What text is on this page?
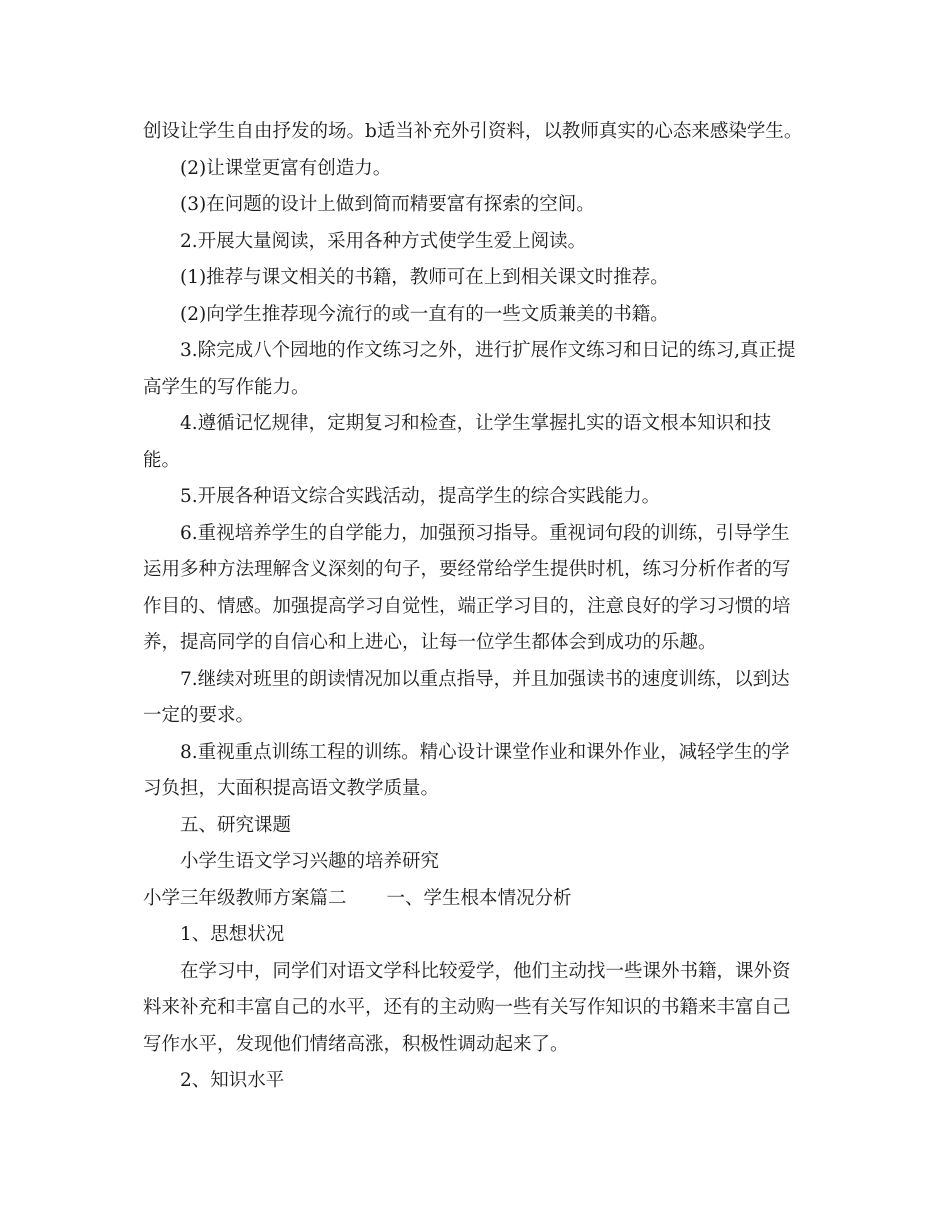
创设让学生自由抒发的场。b适当补充外引资料，以教师真实的心态来感染学生。

(2)让课堂更富有创造力。

(3)在问题的设计上做到简而精要富有探索的空间。

2.开展大量阅读，采用各种方式使学生爱上阅读。

(1)推荐与课文相关的书籍，教师可在上到相关课文时推荐。

(2)向学生推荐现今流行的或一直有的一些文质兼美的书籍。

3.除完成八个园地的作文练习之外，进行扩展作文练习和日记的练习,真正提

高学生的写作能力。

4.遵循记忆规律，定期复习和检查，让学生掌握扎实的语文根本知识和技

能。

5.开展各种语文综合实践活动，提高学生的综合实践能力。

6.重视培养学生的自学能力，加强预习指导。重视词句段的训练，引导学生

运用多种方法理解含义深刻的句子，要经常给学生提供时机，练习分析作者的写

作目的、情感。加强提高学习自觉性，端正学习目的，注意良好的学习习惯的培

养，提高同学的自信心和上进心，让每一位学生都体会到成功的乐趣。

7.继续对班里的朗读情况加以重点指导，并且加强读书的速度训练，以到达

一定的要求。

8.重视重点训练工程的训练。精心设计课堂作业和课外作业，减轻学生的学

习负担，大面积提高语文教学质量。

五、研究课题

小学生语文学习兴趣的培养研究

小学三年级教师方案篇二 一、学生根本情况分析

1、思想状况

在学习中，同学们对语文学科比较爱学，他们主动找一些课外书籍，课外资

料来补充和丰富自己的水平，还有的主动购一些有关写作知识的书籍来丰富自己

写作水平，发现他们情绪高涨，积极性调动起来了。

2、知识水平
